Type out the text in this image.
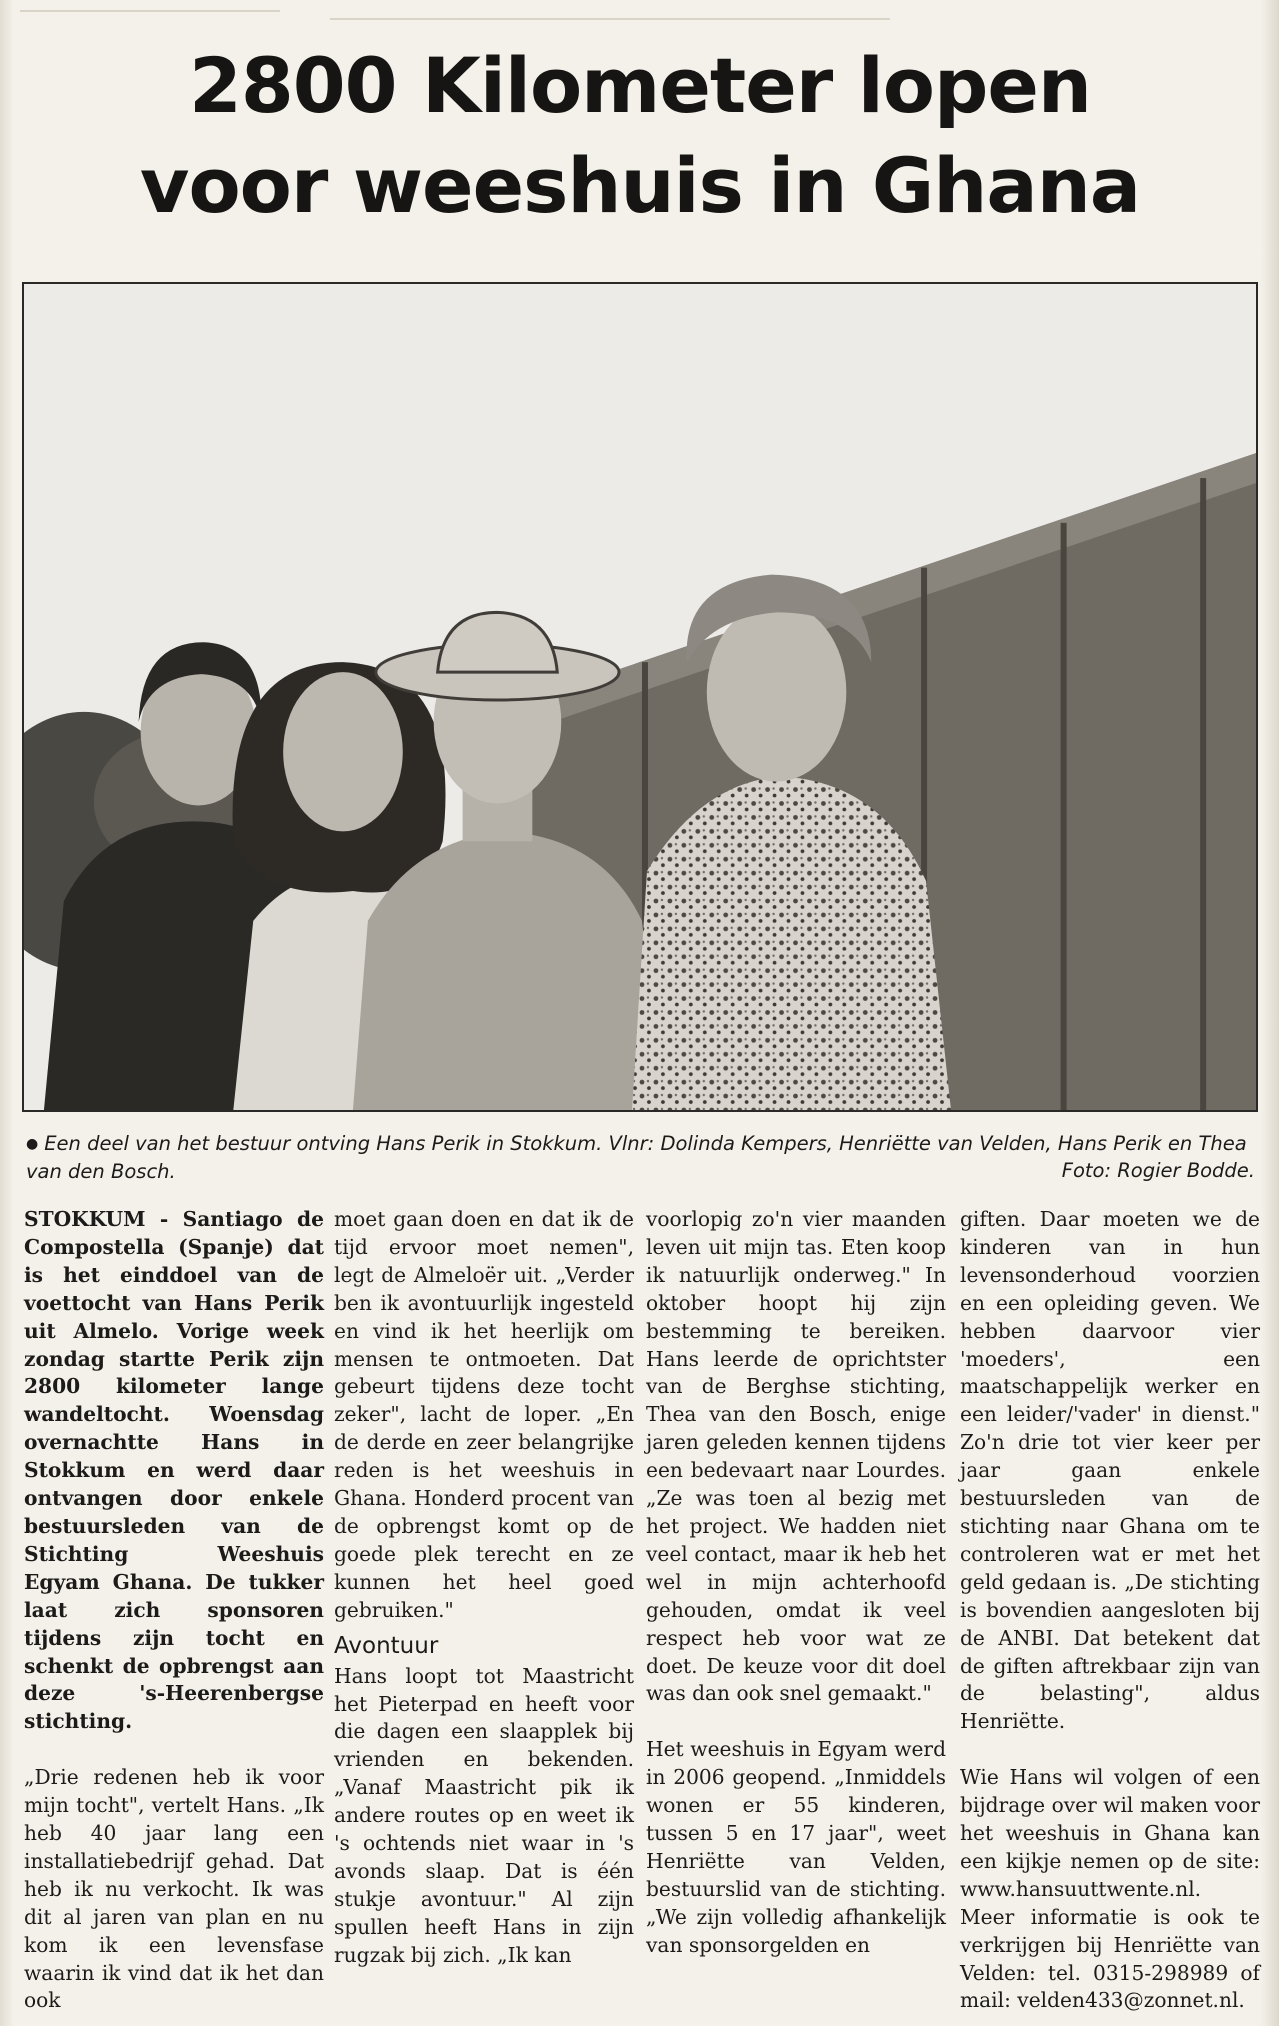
2800 Kilometer lopen
voor weeshuis in Ghana
● Een deel van het bestuur ontving Hans Perik in Stokkum. Vlnr: Dolinda Kempers, Henriëtte van Velden, Hans Perik en Thea van den Bosch.	Foto: Rogier Bodde.

STOKKUM - Santiago de Compostella (Spanje) dat is het einddoel van de voettocht van Hans Perik uit Almelo. Vorige week zondag startte Perik zijn 2800 kilometer lange wandeltocht. Woensdag overnachtte Hans in Stokkum en werd daar ontvangen door enkele bestuursleden van de Stichting Weeshuis Egyam Ghana. De tukker laat zich sponsoren tijdens zijn tocht en schenkt de opbrengst aan deze 's-Heerenbergse stichting.

„Drie redenen heb ik voor mijn tocht", vertelt Hans. „Ik heb 40 jaar lang een installatiebedrijf gehad. Dat heb ik nu verkocht. Ik was dit al jaren van plan en nu kom ik een levensfase waarin ik vind dat ik het dan ook

moet gaan doen en dat ik de tijd ervoor moet nemen", legt de Almeloër uit. „Verder ben ik avontuurlijk ingesteld en vind ik het heerlijk om mensen te ontmoeten. Dat gebeurt tijdens deze tocht zeker", lacht de loper. „En de derde en zeer belangrijke reden is het weeshuis in Ghana. Honderd procent van de opbrengst komt op de goede plek terecht en ze kunnen het heel goed gebruiken."

Avontuur

Hans loopt tot Maastricht het Pieterpad en heeft voor die dagen een slaapplek bij vrienden en bekenden. „Vanaf Maastricht pik ik andere routes op en weet ik 's ochtends niet waar in 's avonds slaap. Dat is één stukje avontuur." Al zijn spullen heeft Hans in zijn rugzak bij zich. „Ik kan

voorlopig zo'n vier maanden leven uit mijn tas. Eten koop ik natuurlijk onderweg." In oktober hoopt hij zijn bestemming te bereiken. Hans leerde de oprichtster van de Berghse stichting, Thea van den Bosch, enige jaren geleden kennen tijdens een bedevaart naar Lourdes. „Ze was toen al bezig met het project. We hadden niet veel contact, maar ik heb het wel in mijn achterhoofd gehouden, omdat ik veel respect heb voor wat ze doet. De keuze voor dit doel was dan ook snel gemaakt."

Het weeshuis in Egyam werd in 2006 geopend. „Inmiddels wonen er 55 kinderen, tussen 5 en 17 jaar", weet Henriëtte van Velden, bestuurslid van de stichting. „We zijn volledig afhankelijk van sponsorgelden en

giften. Daar moeten we de kinderen van in hun levensonderhoud voorzien en een opleiding geven. We hebben daarvoor vier 'moeders', een maatschappelijk werker en een leider/'vader' in dienst." Zo'n drie tot vier keer per jaar gaan enkele bestuursleden van de stichting naar Ghana om te controleren wat er met het geld gedaan is. „De stichting is bovendien aangesloten bij de ANBI. Dat betekent dat de giften aftrekbaar zijn van de belasting", aldus Henriëtte.

Wie Hans wil volgen of een bijdrage over wil maken voor het weeshuis in Ghana kan een kijkje nemen op de site: www.hansuuttwente.nl. Meer informatie is ook te verkrijgen bij Henriëtte van Velden: tel. 0315-298989 of mail: velden433@zonnet.nl.
